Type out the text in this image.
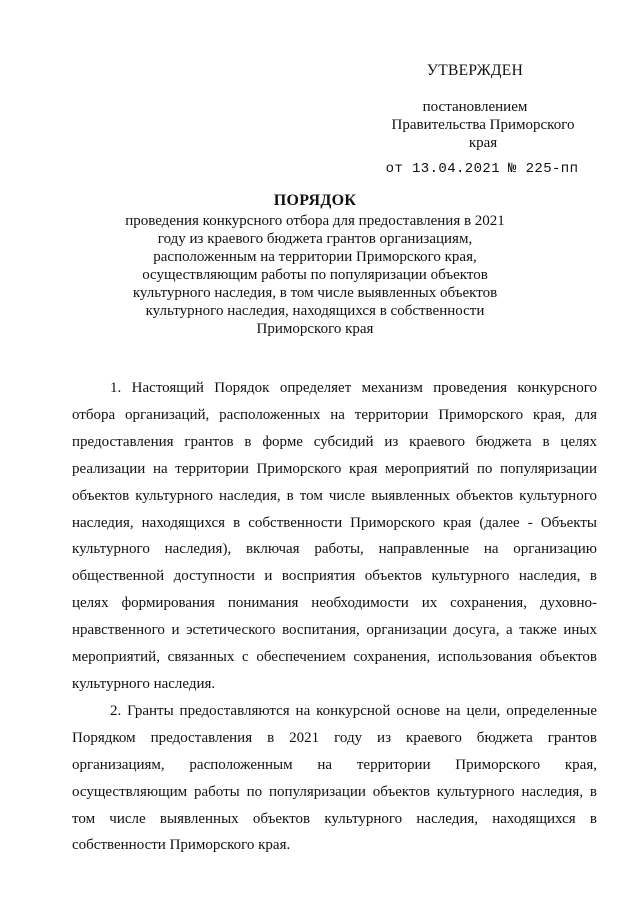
УТВЕРЖДЕН
постановлением
Правительства Приморского края
от 13.04.2021 № 225-пп
ПОРЯДОК
проведения конкурсного отбора для предоставления в 2021 году из краевого бюджета грантов организациям, расположенным на территории Приморского края, осуществляющим работы по популяризации объектов культурного наследия, в том числе выявленных объектов культурного наследия, находящихся в собственности Приморского края

1. Настоящий Порядок определяет механизм проведения конкурсного отбора организаций, расположенных на территории Приморского края, для предоставления грантов в форме субсидий из краевого бюджета в целях реализации на территории Приморского края мероприятий по популяризации объектов культурного наследия, в том числе выявленных объектов культурного наследия, находящихся в собственности Приморского края (далее - Объекты культурного наследия), включая работы, направленные на организацию общественной доступности и восприятия объектов культурного наследия, в целях формирования понимания необходимости их сохранения, духовно-нравственного и эстетического воспитания, организации досуга, а также иных мероприятий, связанных с обеспечением сохранения, использования объектов культурного наследия.

2. Гранты предоставляются на конкурсной основе на цели, определенные Порядком предоставления в 2021 году из краевого бюджета грантов организациям, расположенным на территории Приморского края, осуществляющим работы по популяризации объектов культурного наследия, в том числе выявленных объектов культурного наследия, находящихся в собственности Приморского края.
